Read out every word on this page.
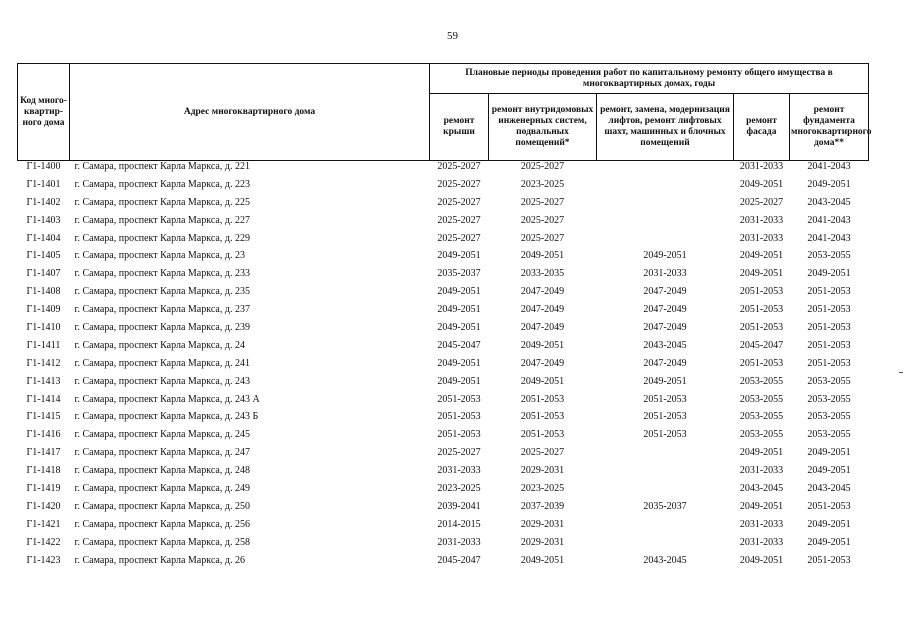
59
Код много-квартир-ного дома	Адрес многоквартирного дома	Плановые периоды проведения работ по капитальному ремонту общего имущества в многоквартирных домах, годы				
		ремонт крыши	ремонт внутридомовых инженерных систем, подвальных помещений*	ремонт, замена, модернизация лифтов, ремонт лифтовых шахт, машинных и блочных помещений	ремонт фасада	ремонт фундамента многоквартирного дома**
Г1-1400	г. Самара, проспект Карла Маркса, д. 221	2025-2027	2025-2027		2031-2033	2041-2043
Г1-1401	г. Самара, проспект Карла Маркса, д. 223	2025-2027	2023-2025		2049-2051	2049-2051
Г1-1402	г. Самара, проспект Карла Маркса, д. 225	2025-2027	2025-2027		2025-2027	2043-2045
Г1-1403	г. Самара, проспект Карла Маркса, д. 227	2025-2027	2025-2027		2031-2033	2041-2043
Г1-1404	г. Самара, проспект Карла Маркса, д. 229	2025-2027	2025-2027		2031-2033	2041-2043
Г1-1405	г. Самара, проспект Карла Маркса, д. 23	2049-2051	2049-2051	2049-2051	2049-2051	2053-2055
Г1-1407	г. Самара, проспект Карла Маркса, д. 233	2035-2037	2033-2035	2031-2033	2049-2051	2049-2051
Г1-1408	г. Самара, проспект Карла Маркса, д. 235	2049-2051	2047-2049	2047-2049	2051-2053	2051-2053
Г1-1409	г. Самара, проспект Карла Маркса, д. 237	2049-2051	2047-2049	2047-2049	2051-2053	2051-2053
Г1-1410	г. Самара, проспект Карла Маркса, д. 239	2049-2051	2047-2049	2047-2049	2051-2053	2051-2053
Г1-1411	г. Самара, проспект Карла Маркса, д. 24	2045-2047	2049-2051	2043-2045	2045-2047	2051-2053
Г1-1412	г. Самара, проспект Карла Маркса, д. 241	2049-2051	2047-2049	2047-2049	2051-2053	2051-2053
Г1-1413	г. Самара, проспект Карла Маркса, д. 243	2049-2051	2049-2051	2049-2051	2053-2055	2053-2055
Г1-1414	г. Самара, проспект Карла Маркса, д. 243 А	2051-2053	2051-2053	2051-2053	2053-2055	2053-2055
Г1-1415	г. Самара, проспект Карла Маркса, д. 243 Б	2051-2053	2051-2053	2051-2053	2053-2055	2053-2055
Г1-1416	г. Самара, проспект Карла Маркса, д. 245	2051-2053	2051-2053	2051-2053	2053-2055	2053-2055
Г1-1417	г. Самара, проспект Карла Маркса, д. 247	2025-2027	2025-2027		2049-2051	2049-2051
Г1-1418	г. Самара, проспект Карла Маркса, д. 248	2031-2033	2029-2031		2031-2033	2049-2051
Г1-1419	г. Самара, проспект Карла Маркса, д. 249	2023-2025	2023-2025		2043-2045	2043-2045
Г1-1420	г. Самара, проспект Карла Маркса, д. 250	2039-2041	2037-2039	2035-2037	2049-2051	2051-2053
Г1-1421	г. Самара, проспект Карла Маркса, д. 256	2014-2015	2029-2031		2031-2033	2049-2051
Г1-1422	г. Самара, проспект Карла Маркса, д. 258	2031-2033	2029-2031		2031-2033	2049-2051
Г1-1423	г. Самара, проспект Карла Маркса, д. 26	2045-2047	2049-2051	2043-2045	2049-2051	2051-2053
